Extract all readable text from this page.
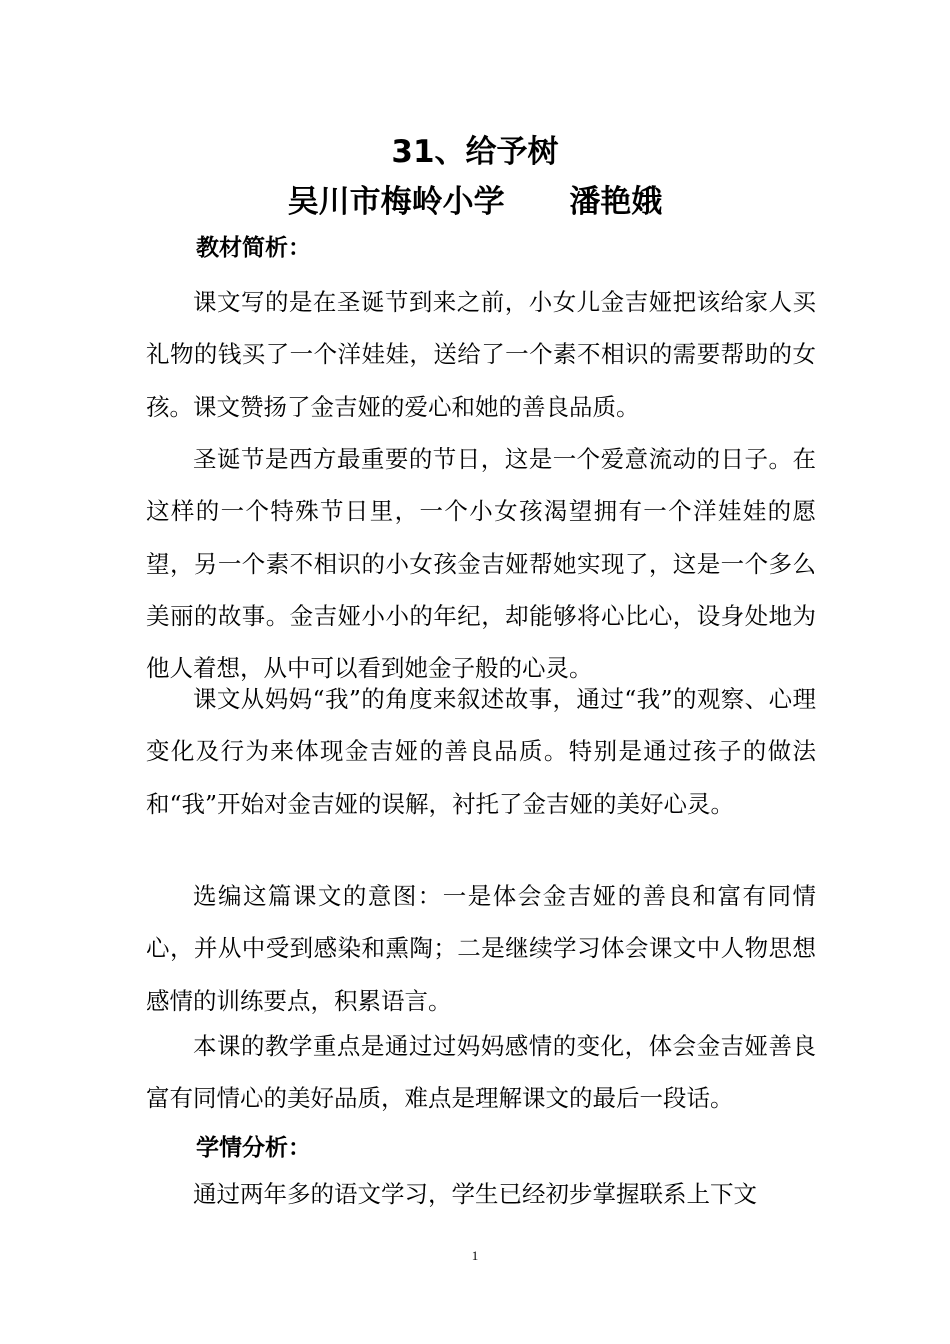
31、给予树
吴川市梅岭小学      潘艳娥
教材简析：

课文写的是在圣诞节到来之前，小女儿金吉娅把该给家人买礼物的钱买了一个洋娃娃，送给了一个素不相识的需要帮助的女孩。课文赞扬了金吉娅的爱心和她的善良品质。

圣诞节是西方最重要的节日，这是一个爱意流动的日子。在这样的一个特殊节日里，一个小女孩渴望拥有一个洋娃娃的愿望，另一个素不相识的小女孩金吉娅帮她实现了，这是一个多么美丽的故事。金吉娅小小的年纪，却能够将心比心，设身处地为他人着想，从中可以看到她金子般的心灵。

课文从妈妈“我”的角度来叙述故事，通过“我”的观察、心理变化及行为来体现金吉娅的善良品质。特别是通过孩子的做法和“我”开始对金吉娅的误解，衬托了金吉娅的美好心灵。

选编这篇课文的意图：一是体会金吉娅的善良和富有同情心，并从中受到感染和熏陶；二是继续学习体会课文中人物思想感情的训练要点，积累语言。

本课的教学重点是通过过妈妈感情的变化，体会金吉娅善良富有同情心的美好品质，难点是理解课文的最后一段话。

学情分析：

通过两年多的语文学习，学生已经初步掌握联系上下文

1
